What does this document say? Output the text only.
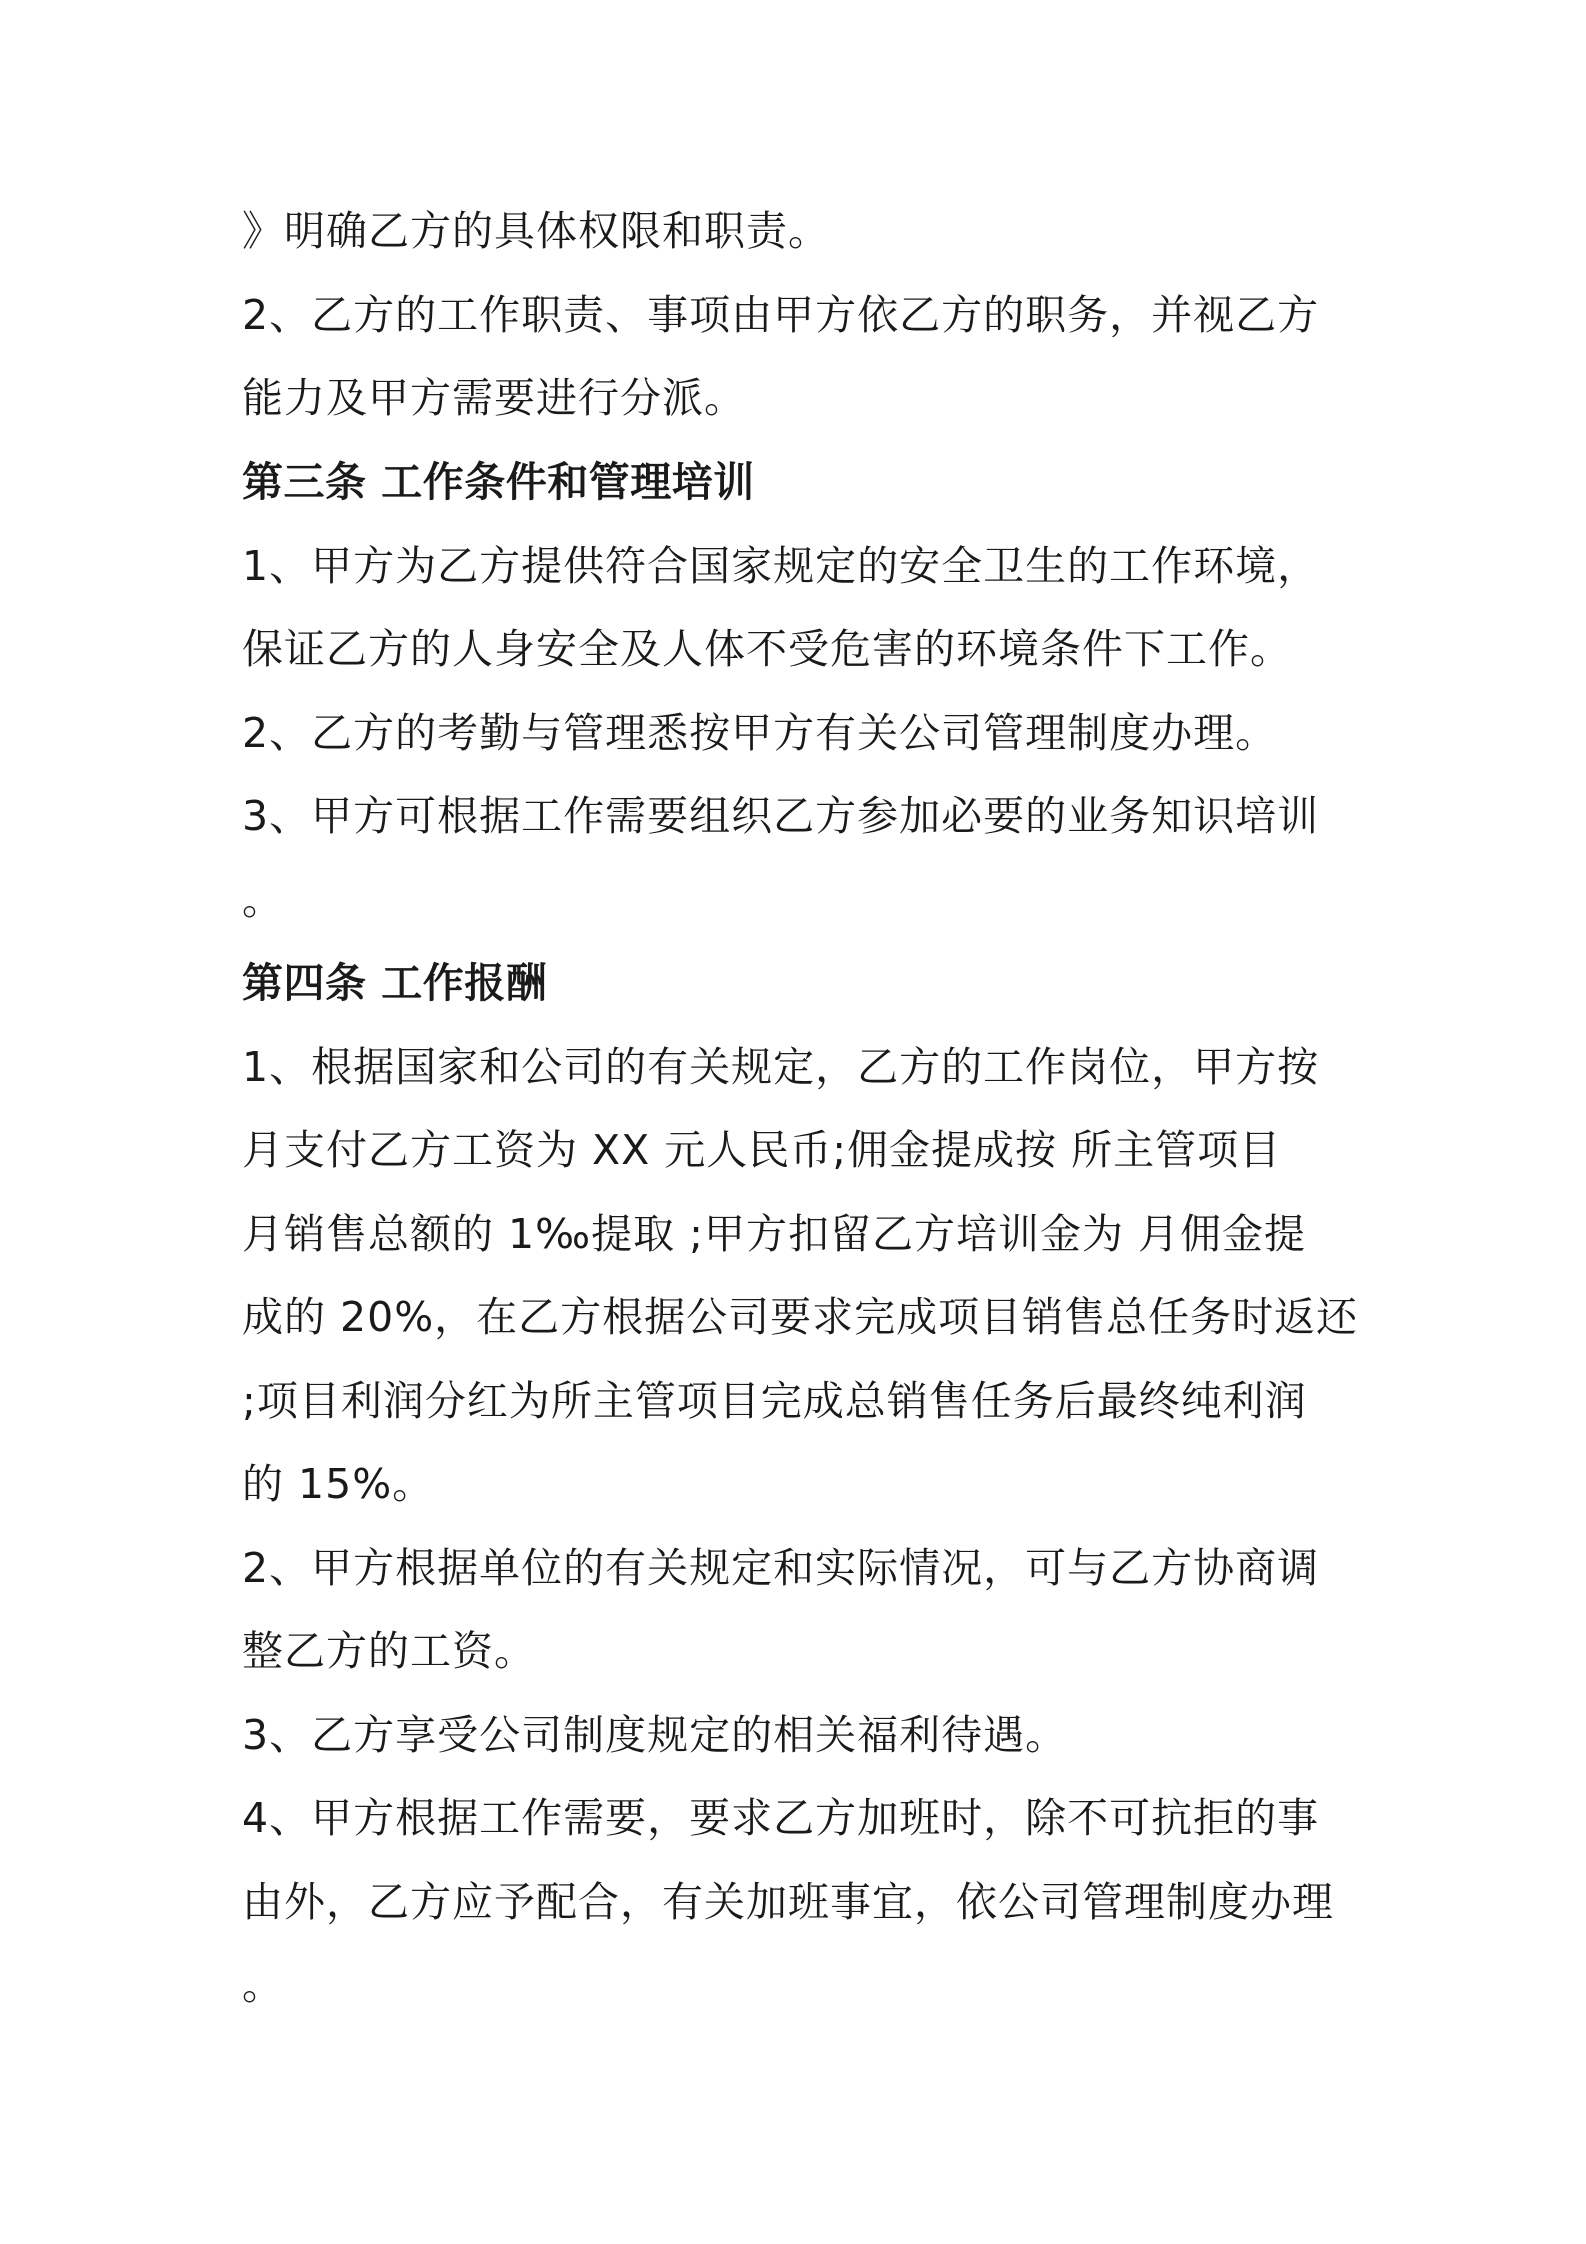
》明确乙方的具体权限和职责。
2、乙方的工作职责、事项由甲方依乙方的职务，并视乙方
能力及甲方需要进行分派。
第三条 工作条件和管理培训
1、甲方为乙方提供符合国家规定的安全卫生的工作环境，
保证乙方的人身安全及人体不受危害的环境条件下工作。
2、乙方的考勤与管理悉按甲方有关公司管理制度办理。
3、甲方可根据工作需要组织乙方参加必要的业务知识培训
。
第四条 工作报酬
1、根据国家和公司的有关规定，乙方的工作岗位，甲方按
月支付乙方工资为 XX 元人民币;佣金提成按 所主管项目
月销售总额的 1‰提取 ;甲方扣留乙方培训金为 月佣金提
成的 20%，在乙方根据公司要求完成项目销售总任务时返还
;项目利润分红为所主管项目完成总销售任务后最终纯利润
的 15%。
2、甲方根据单位的有关规定和实际情况，可与乙方协商调
整乙方的工资。
3、乙方享受公司制度规定的相关福利待遇。
4、甲方根据工作需要，要求乙方加班时，除不可抗拒的事
由外，乙方应予配合，有关加班事宜，依公司管理制度办理
。
